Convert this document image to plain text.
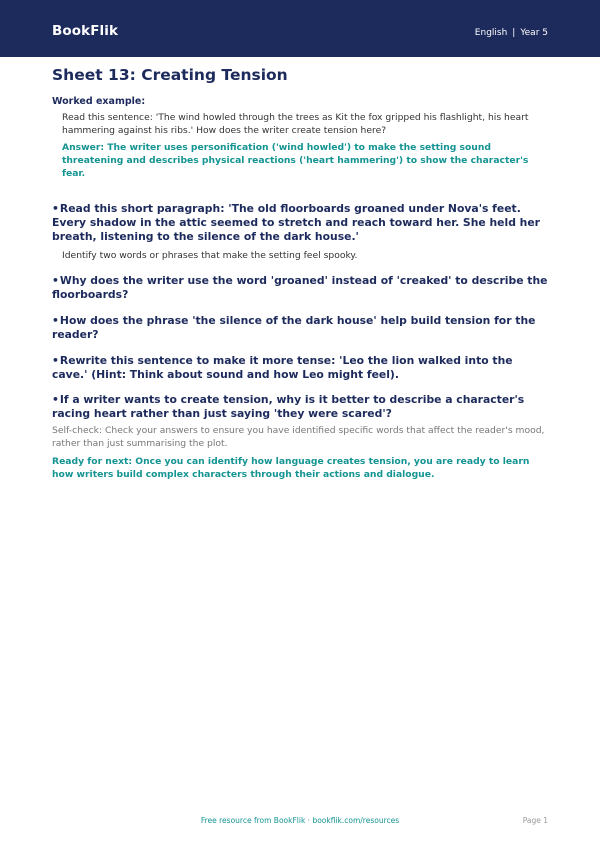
BookFlik	English | Year 5
Sheet 13: Creating Tension
Worked example:
Read this sentence: 'The wind howled through the trees as Kit the fox gripped his flashlight, his heart hammering against his ribs.' How does the writer create tension here?
Answer: The writer uses personification ('wind howled') to make the setting sound threatening and describes physical reactions ('heart hammering') to show the character's fear.
•Read this short paragraph: 'The old floorboards groaned under Nova's feet. Every shadow in the attic seemed to stretch and reach toward her. She held her breath, listening to the silence of the dark house.'
Identify two words or phrases that make the setting feel spooky.
•Why does the writer use the word 'groaned' instead of 'creaked' to describe the floorboards?
•How does the phrase 'the silence of the dark house' help build tension for the reader?
•Rewrite this sentence to make it more tense: 'Leo the lion walked into the cave.' (Hint: Think about sound and how Leo might feel).
•If a writer wants to create tension, why is it better to describe a character's racing heart rather than just saying 'they were scared'?
Self-check: Check your answers to ensure you have identified specific words that affect the reader's mood, rather than just summarising the plot.
Ready for next: Once you can identify how language creates tension, you are ready to learn how writers build complex characters through their actions and dialogue.
Free resource from BookFlik · bookflik.com/resources	Page 1
